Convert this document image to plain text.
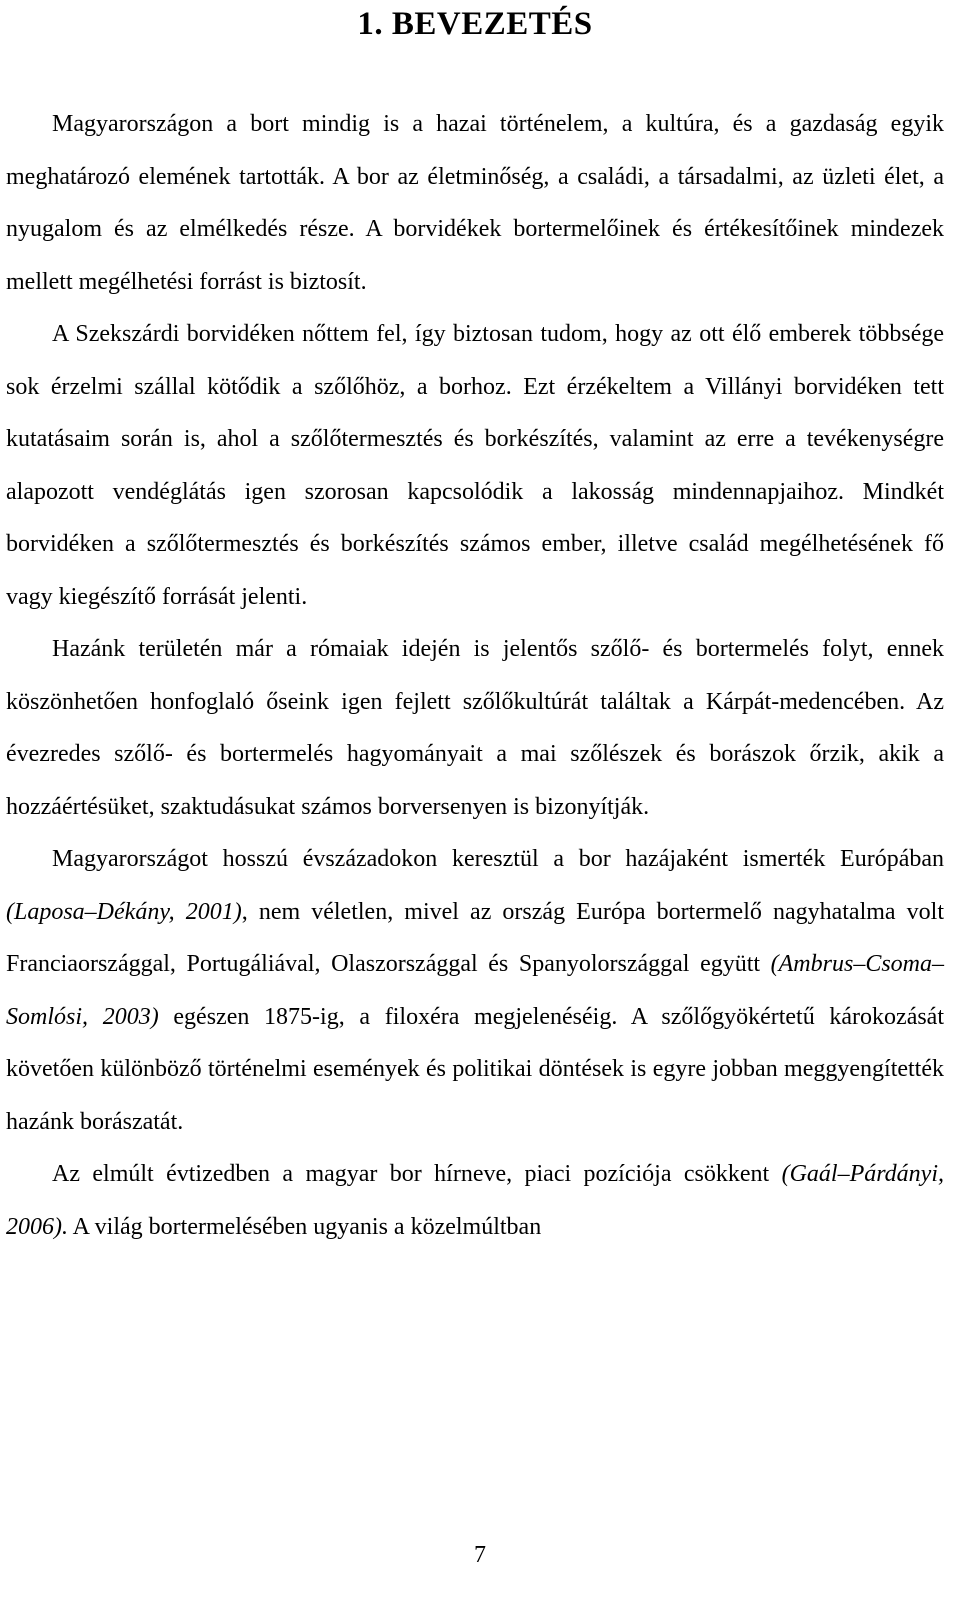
1. BEVEZETÉS

Magyarországon a bort mindig is a hazai történelem, a kultúra, és a gazdaság egyik meghatározó elemének tartották. A bor az életminőség, a családi, a társadalmi, az üzleti élet, a nyugalom és az elmélkedés része. A borvidékek bortermelőinek és értékesítőinek mindezek mellett megélhetési forrást is biztosít.

A Szekszárdi borvidéken nőttem fel, így biztosan tudom, hogy az ott élő emberek többsége sok érzelmi szállal kötődik a szőlőhöz, a borhoz. Ezt érzékeltem a Villányi borvidéken tett kutatásaim során is, ahol a szőlőtermesztés és borkészítés, valamint az erre a tevékenységre alapozott vendéglátás igen szorosan kapcsolódik a lakosság mindennapjaihoz. Mindkét borvidéken a szőlőtermesztés és borkészítés számos ember, illetve család megélhetésének fő vagy kiegészítő forrását jelenti.

Hazánk területén már a rómaiak idején is jelentős szőlő- és bortermelés folyt, ennek köszönhetően honfoglaló őseink igen fejlett szőlőkultúrát találtak a Kárpát-medencében. Az évezredes szőlő- és bortermelés hagyományait a mai szőlészek és borászok őrzik, akik a hozzáértésüket, szaktudásukat számos borversenyen is bizonyítják.

Magyarországot hosszú évszázadokon keresztül a bor hazájaként ismerték Európában (Laposa–Dékány, 2001), nem véletlen, mivel az ország Európa bortermelő nagyhatalma volt Franciaországgal, Portugáliával, Olaszországgal és Spanyolországgal együtt (Ambrus–Csoma–Somlósi, 2003) egészen 1875-ig, a filoxéra megjelenéséig. A szőlőgyökértetű károkozását követően különböző történelmi események és politikai döntések is egyre jobban meggyengítették hazánk borászatát.

Az elmúlt évtizedben a magyar bor hírneve, piaci pozíciója csökkent (Gaál–Párdányi, 2006). A világ bortermelésében ugyanis a közelmúltban

7
